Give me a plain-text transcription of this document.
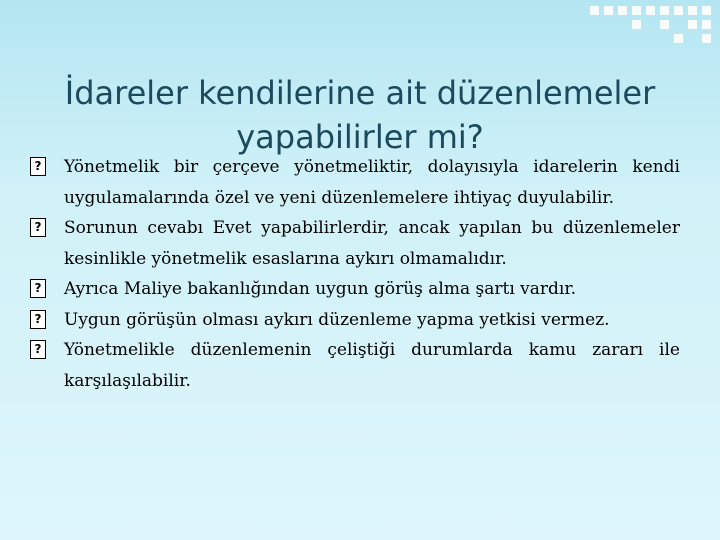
İdareler kendilerine ait düzenlemeler yapabilirler mi?
?
Yönetmelik bir çerçeve yönetmeliktir, dolayısıyla idarelerin kendi uygulamalarında özel ve yeni düzenlemelere ihtiyaç duyulabilir.
?
Sorunun cevabı Evet yapabilirlerdir, ancak yapılan bu düzenlemeler kesinlikle yönetmelik esaslarına aykırı olmamalıdır.
?
Ayrıca Maliye bakanlığından uygun görüş alma şartı vardır.
?
Uygun görüşün olması aykırı düzenleme yapma yetkisi vermez.
?
Yönetmelikle düzenlemenin çeliştiği durumlarda kamu zararı ile karşılaşılabilir.
